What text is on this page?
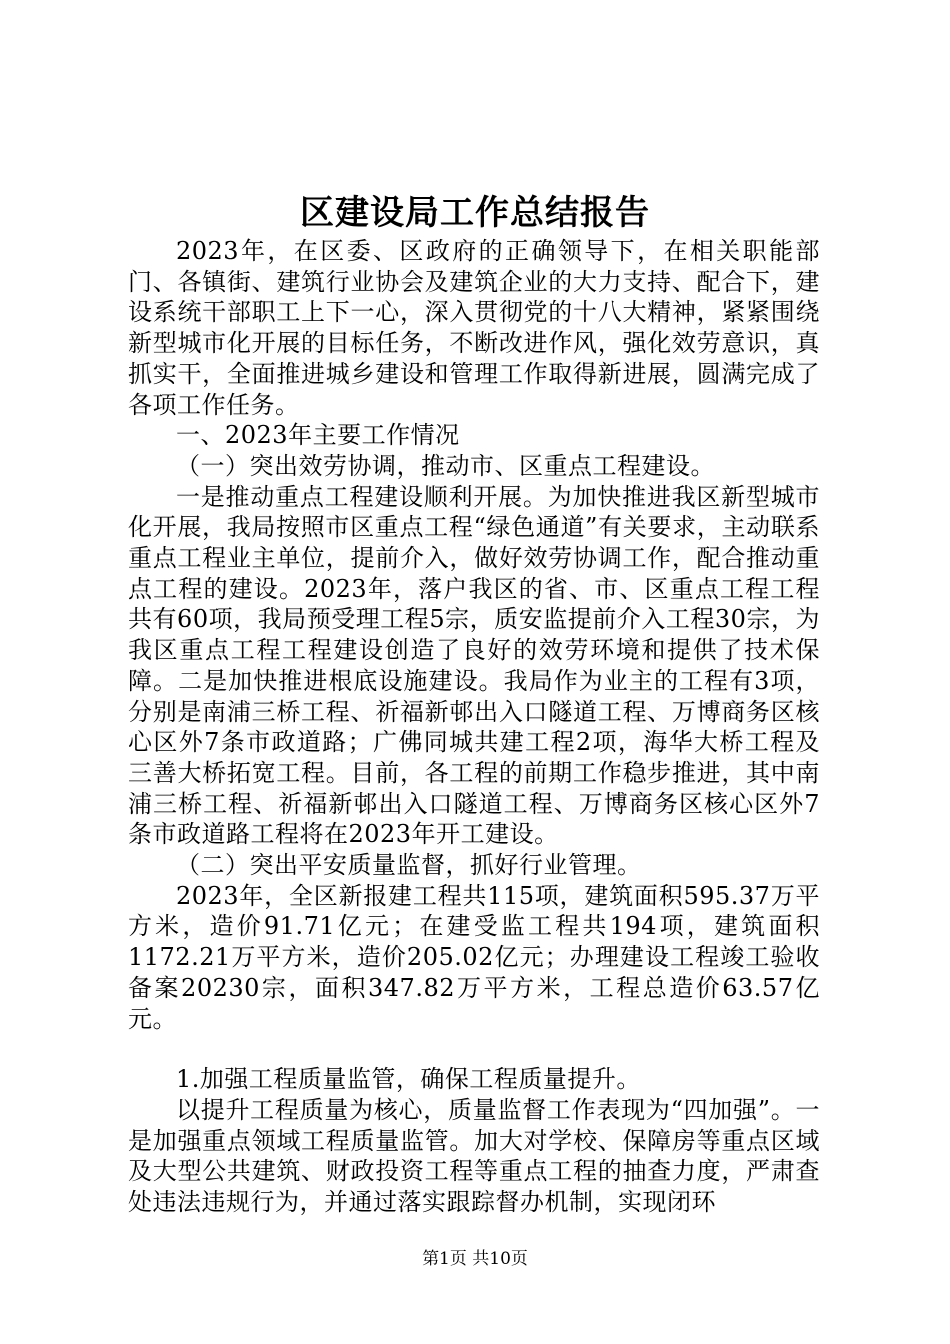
区建设局工作总结报告

2023年，在区委、区政府的正确领导下，在相关职能部门、各镇街、建筑行业协会及建筑企业的大力支持、配合下，建设系统干部职工上下一心，深入贯彻党的十八大精神，紧紧围绕新型城市化开展的目标任务，不断改进作风，强化效劳意识，真抓实干，全面推进城乡建设和管理工作取得新进展，圆满完成了各项工作任务。

一、2023年主要工作情况

（一）突出效劳协调，推动市、区重点工程建设。

一是推动重点工程建设顺利开展。为加快推进我区新型城市化开展，我局按照市区重点工程“绿色通道”有关要求，主动联系重点工程业主单位，提前介入，做好效劳协调工作，配合推动重点工程的建设。2023年，落户我区的省、市、区重点工程工程共有60项，我局预受理工程5宗，质安监提前介入工程30宗，为我区重点工程工程建设创造了良好的效劳环境和提供了技术保障。二是加快推进根底设施建设。我局作为业主的工程有3项，分别是南浦三桥工程、祈福新邨出入口隧道工程、万博商务区核心区外7条市政道路；广佛同城共建工程2项，海华大桥工程及三善大桥拓宽工程。目前，各工程的前期工作稳步推进，其中南浦三桥工程、祈福新邨出入口隧道工程、万博商务区核心区外7条市政道路工程将在2023年开工建设。

（二）突出平安质量监督，抓好行业管理。

2023年，全区新报建工程共115项，建筑面积595.37万平方米，造价91.71亿元；在建受监工程共194项，建筑面积1172.21万平方米，造价205.02亿元；办理建设工程竣工验收备案20230宗，面积347.82万平方米，工程总造价63.57亿元。

1.加强工程质量监管，确保工程质量提升。

以提升工程质量为核心，质量监督工作表现为“四加强”。一是加强重点领域工程质量监管。加大对学校、保障房等重点区域及大型公共建筑、财政投资工程等重点工程的抽查力度，严肃查处违法违规行为，并通过落实跟踪督办机制，实现闭环

第1页 共10页
